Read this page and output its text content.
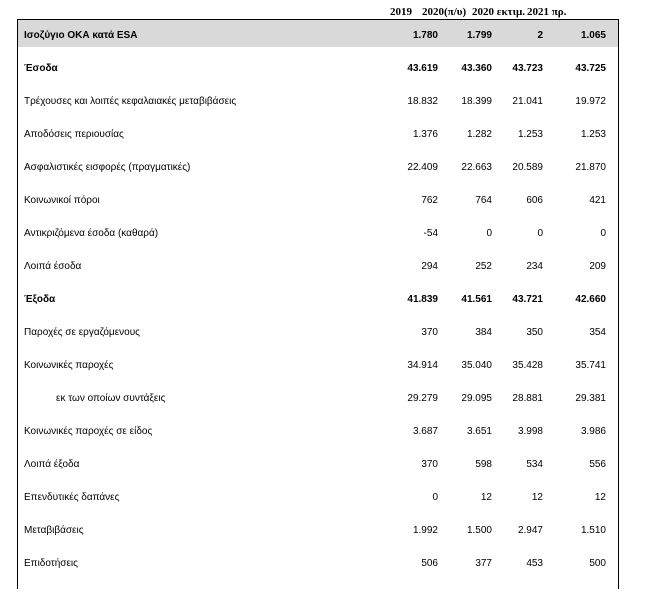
2019 2020(π/υ) 2020 εκτιμ. 2021 πρ.
Ισοζύγιο ΟΚΑ κατά ESA	1.780	1.799	2	1.065
Έσοδα	43.619	43.360	43.723	43.725
Τρέχουσες και λοιπές κεφαλαιακές μεταβιβάσεις	18.832	18.399	21.041	19.972
Αποδόσεις περιουσίας	1.376	1.282	1.253	1.253
Ασφαλιστικές εισφορές (πραγματικές)	22.409	22.663	20.589	21.870
Κοινωνικοί πόροι	762	764	606	421
Αντικριζόμενα έσοδα (καθαρά)	-54	0	0	0
Λοιπά έσοδα	294	252	234	209
Έξοδα	41.839	41.561	43.721	42.660
Παροχές σε εργαζόμενους	370	384	350	354
Κοινωνικές παροχές	34.914	35.040	35.428	35.741
εκ των οποίων συντάξεις	29.279	29.095	28.881	29.381
Κοινωνικές παροχές σε είδος	3.687	3.651	3.998	3.986
Λοιπά έξοδα	370	598	534	556
Επενδυτικές δαπάνες	0	12	12	12
Μεταβιβάσεις	1.992	1.500	2.947	1.510
Επιδοτήσεις	506	377	453	500
